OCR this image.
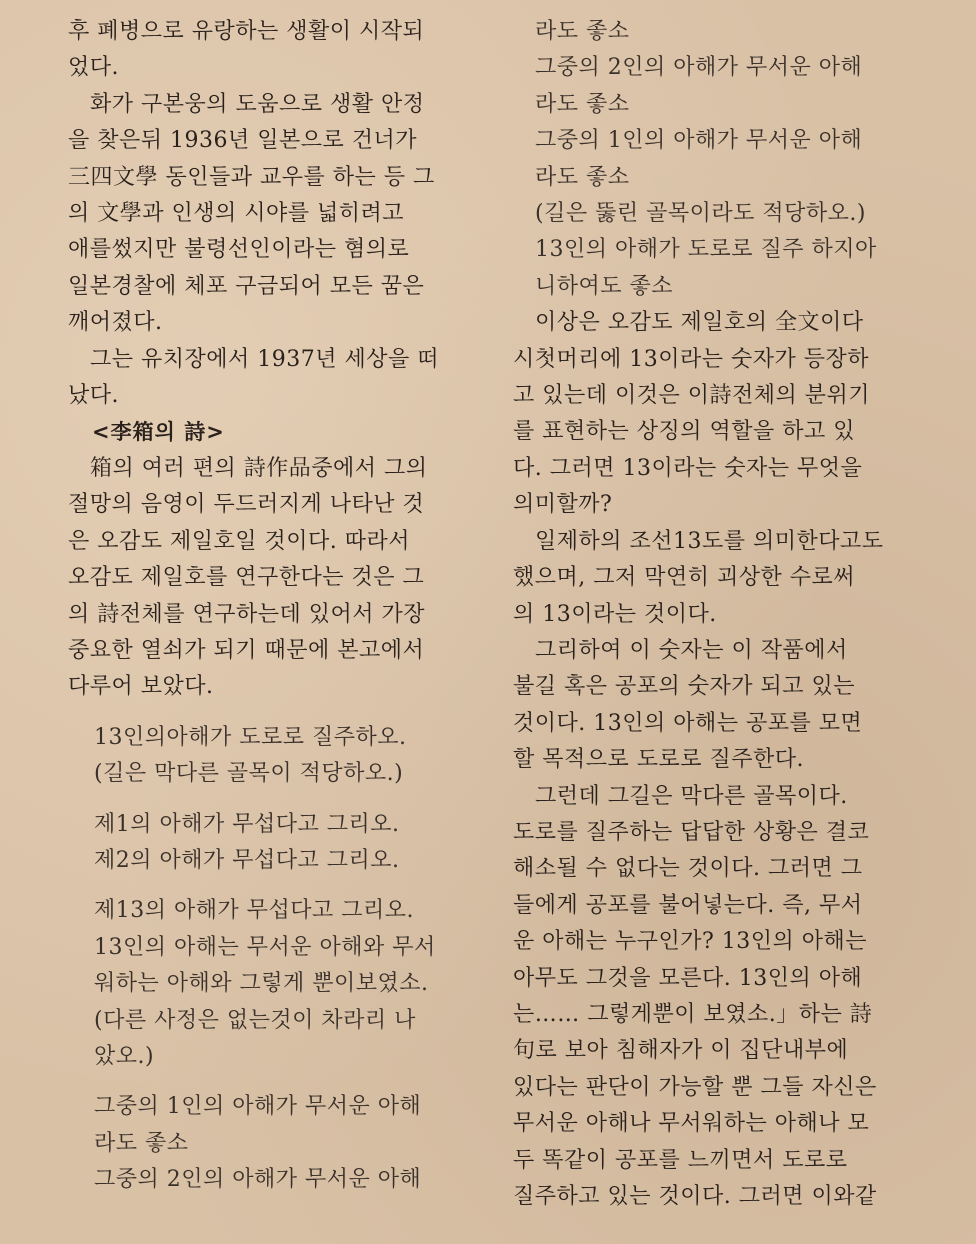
후 폐병으로 유랑하는 생활이 시작되
었다.
화가 구본웅의 도움으로 생활 안정
을 찾은뒤 1936년 일본으로 건너가
三四文學 동인들과 교우를 하는 등 그
의 文學과 인생의 시야를 넓히려고
애를썼지만 불령선인이라는 혐의로
일본경찰에 체포 구금되어 모든 꿈은
깨어졌다.
그는 유치장에서 1937년 세상을 떠
났다.
<李箱의 詩>
箱의 여러 편의 詩作品중에서 그의
절망의 음영이 두드러지게 나타난 것
은 오감도 제일호일 것이다. 따라서
오감도 제일호를 연구한다는 것은 그
의 詩전체를 연구하는데 있어서 가장
중요한 열쇠가 되기 때문에 본고에서
다루어 보았다.
13인의아해가 도로로 질주하오.
(길은 막다른 골목이 적당하오.)
제1의 아해가 무섭다고 그리오.
제2의 아해가 무섭다고 그리오.
제13의 아해가 무섭다고 그리오.
13인의 아해는 무서운 아해와 무서
워하는 아해와 그렇게 뿐이보였소.
(다른 사정은 없는것이 차라리 나
았오.)
그중의 1인의 아해가 무서운 아해
라도 좋소
그중의 2인의 아해가 무서운 아해
라도 좋소
그중의 2인의 아해가 무서운 아해
라도 좋소
그중의 1인의 아해가 무서운 아해
라도 좋소
(길은 뚫린 골목이라도 적당하오.)
13인의 아해가 도로로 질주 하지아
니하여도 좋소
이상은 오감도 제일호의 全文이다
시첫머리에 13이라는 숫자가 등장하
고 있는데 이것은 이詩전체의 분위기
를 표현하는 상징의 역할을 하고 있
다. 그러면 13이라는 숫자는 무엇을
의미할까?
일제하의 조선13도를 의미한다고도
했으며, 그저 막연히 괴상한 수로써
의 13이라는 것이다.
그리하여 이 숫자는 이 작품에서
불길 혹은 공포의 숫자가 되고 있는
것이다. 13인의 아해는 공포를 모면
할 목적으로 도로로 질주한다.
그런데 그길은 막다른 골목이다.
도로를 질주하는 답답한 상황은 결코
해소될 수 없다는 것이다. 그러면 그
들에게 공포를 불어넣는다. 즉, 무서
운 아해는 누구인가? 13인의 아해는
아무도 그것을 모른다. 13인의 아해
는…… 그렇게뿐이 보였소.」하는 詩
句로 보아 침해자가 이 집단내부에
있다는 판단이 가능할 뿐 그들 자신은
무서운 아해나 무서워하는 아해나 모
두 똑같이 공포를 느끼면서 도로로
질주하고 있는 것이다. 그러면 이와같
